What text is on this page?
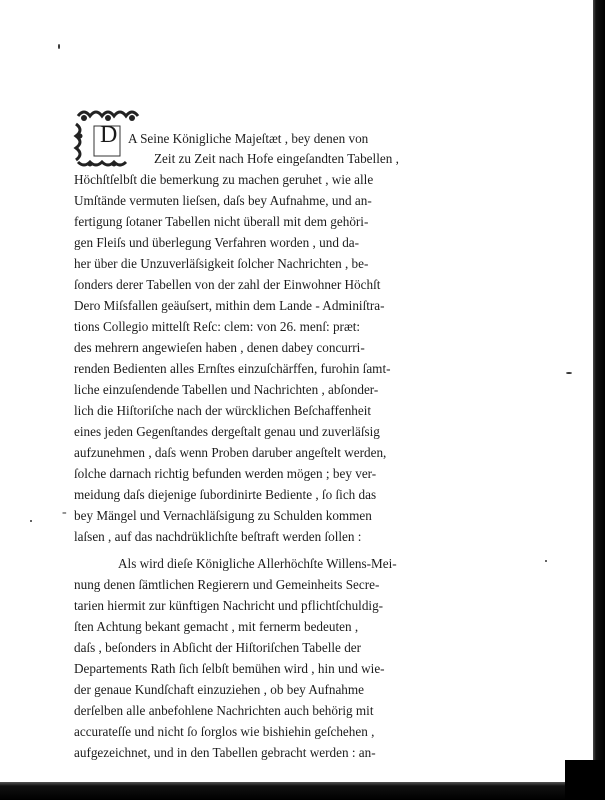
D A Seine Königliche Majeſtæt , bey denen von
Zeit zu Zeit nach Hofe eingeſandten Tabellen ,
Höchſtſelbſt die bemerkung zu machen geruhet , wie alle
Umſtände vermuten lieſsen, daſs bey Aufnahme, und an-
fertigung ſotaner Tabellen nicht überall mit dem gehöri-
gen Fleiſs und überlegung Verfahren worden , und da-
her über die Unzuverläſsigkeit ſolcher Nachrichten , be-
ſonders derer Tabellen von der zahl der Einwohner Höchſt
Dero Miſsfallen geäuſsert, mithin dem Lande - Adminiſtra-
tions Collegio mittelſt Reſc: clem: von 26. menſ: præt:
des mehrern angewieſen haben , denen dabey concurri-
renden Bedienten alles Ernſtes einzuſchärffen, furohin ſamt-
liche einzuſendende Tabellen und Nachrichten , abſonder-
lich die Hiſtoriſche nach der würcklichen Beſchaffenheit
eines jeden Gegenſtandes dergeſtalt genau und zuverläſsig
aufzunehmen , daſs wenn Proben daruber angeſtelt werden,
ſolche darnach richtig befunden werden mögen ; bey ver-
meidung daſs diejenige ſubordinirte Bediente , ſo ſich das
bey Mängel und Vernachläſsigung zu Schulden kommen
laſsen , auf das nachdrüklichſte beſtraft werden ſollen :
-
Als wird dieſe Königliche Allerhöchſte Willens-Mei-
nung denen ſämtlichen Regierern und Gemeinheits Secre-
tarien hiermit zur künftigen Nachricht und pflichtſchuldig-
ſten Achtung bekant gemacht , mit fernerm bedeuten ,
daſs , beſonders in Abſicht der Hiſtoriſchen Tabelle der
Departements Rath ſich ſelbſt bemühen wird , hin und wie-
der genaue Kundſchaft einzuziehen , ob bey Aufnahme
derſelben alle anbefohlene Nachrichten auch behörig mit
accurateſſe und nicht ſo ſorglos wie bishiehin geſchehen ,
aufgezeichnet, und in den Tabellen gebracht werden : an-
